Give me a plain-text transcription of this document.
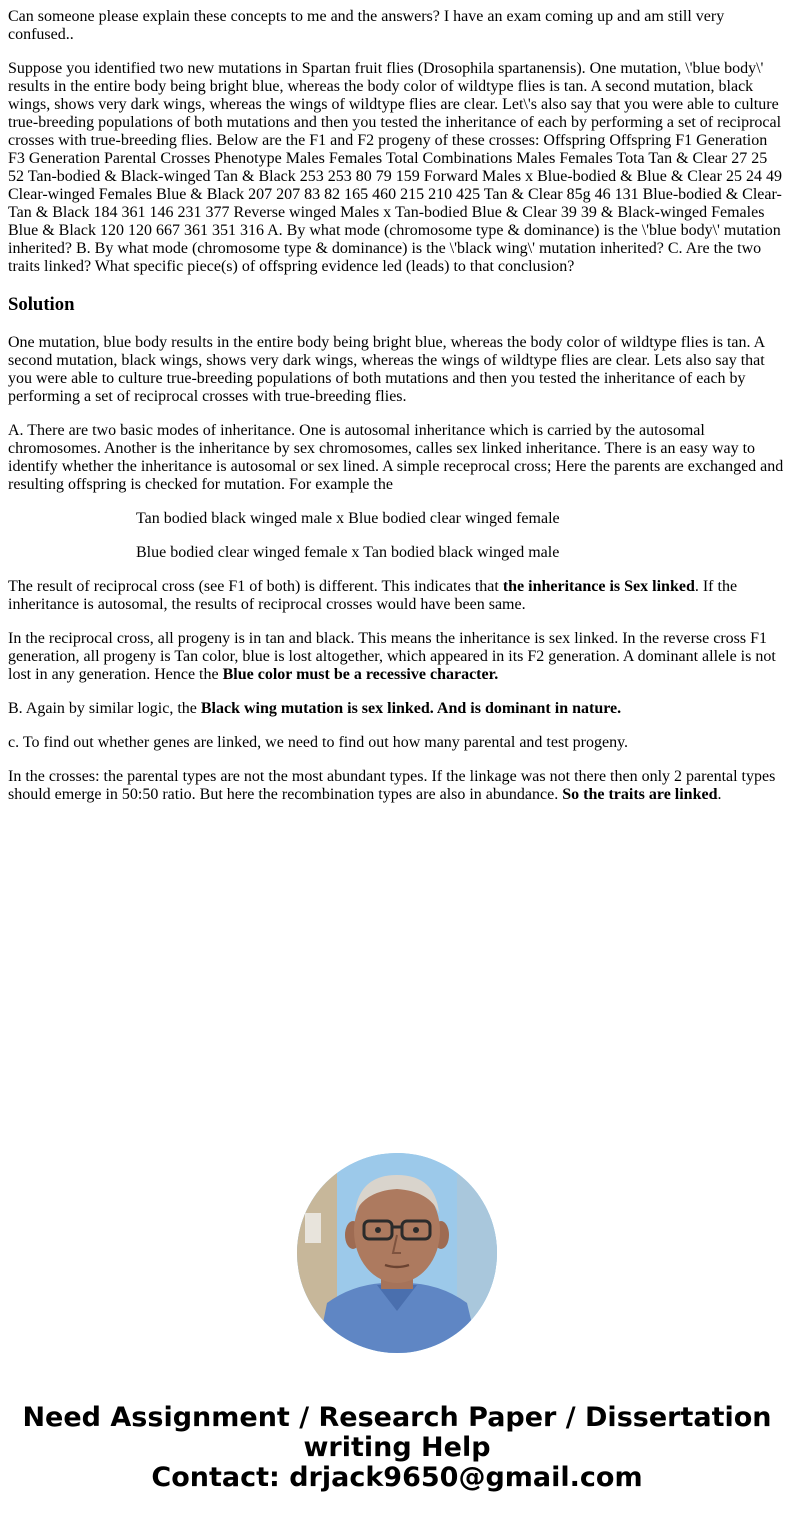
Can someone please explain these concepts to me and the answers? I have an exam coming up and am still very confused..

Suppose you identified two new mutations in Spartan fruit flies (Drosophila spartanensis). One mutation, \'blue body\' results in the entire body being bright blue, whereas the body color of wildtype flies is tan. A second mutation, black wings, shows very dark wings, whereas the wings of wildtype flies are clear. Let\'s also say that you were able to culture true-breeding populations of both mutations and then you tested the inheritance of each by performing a set of reciprocal crosses with true-breeding flies. Below are the F1 and F2 progeny of these crosses: Offspring Offspring F1 Generation F3 Generation Parental Crosses Phenotype Males Females Total Combinations Males Females Tota Tan & Clear 27 25 52 Tan-bodied & Black-winged Tan & Black 253 253 80 79 159 Forward Males x Blue-bodied & Blue & Clear 25 24 49 Clear-winged Females Blue & Black 207 207 83 82 165 460 215 210 425 Tan & Clear 85g 46 131 Blue-bodied & Clear-Tan & Black 184 361 146 231 377 Reverse winged Males x Tan-bodied Blue & Clear 39 39 & Black-winged Females Blue & Black 120 120 667 361 351 316 A. By what mode (chromosome type & dominance) is the \'blue body\' mutation inherited? B. By what mode (chromosome type & dominance) is the \'black wing\' mutation inherited? C. Are the two traits linked? What specific piece(s) of offspring evidence led (leads) to that conclusion?

Solution

One mutation, blue body results in the entire body being bright blue, whereas the body color of wildtype flies is tan. A second mutation, black wings, shows very dark wings, whereas the wings of wildtype flies are clear. Lets also say that you were able to culture true-breeding populations of both mutations and then you tested the inheritance of each by performing a set of reciprocal crosses with true-breeding flies.

A. There are two basic modes of inheritance. One is autosomal inheritance which is carried by the autosomal chromosomes. Another is the inheritance by sex chromosomes, calles sex linked inheritance. There is an easy way to identify whether the inheritance is autosomal or sex lined. A simple receprocal cross; Here the parents are exchanged and resulting offspring is checked for mutation. For example the

Tan bodied black winged male x Blue bodied clear winged female

Blue bodied clear winged female x Tan bodied black winged male

The result of reciprocal cross (see F1 of both) is different. This indicates that the inheritance is Sex linked. If the inheritance is autosomal, the results of reciprocal crosses would have been same.

In the reciprocal cross, all progeny is in tan and black. This means the inheritance is sex linked. In the reverse cross F1 generation, all progeny is Tan color, blue is lost altogether, which appeared in its F2 generation. A dominant allele is not lost in any generation. Hence the Blue color must be a recessive character.

B. Again by similar logic, the Black wing mutation is sex linked. And is dominant in nature.

c. To find out whether genes are linked, we need to find out how many parental and test progeny.

In the crosses: the parental types are not the most abundant types. If the linkage was not there then only 2 parental types should emerge in 50:50 ratio. But here the recombination types are also in abundance. So the traits are linked.

Need Assignment / Research Paper / Dissertation
writing Help
Contact: drjack9650@gmail.com
